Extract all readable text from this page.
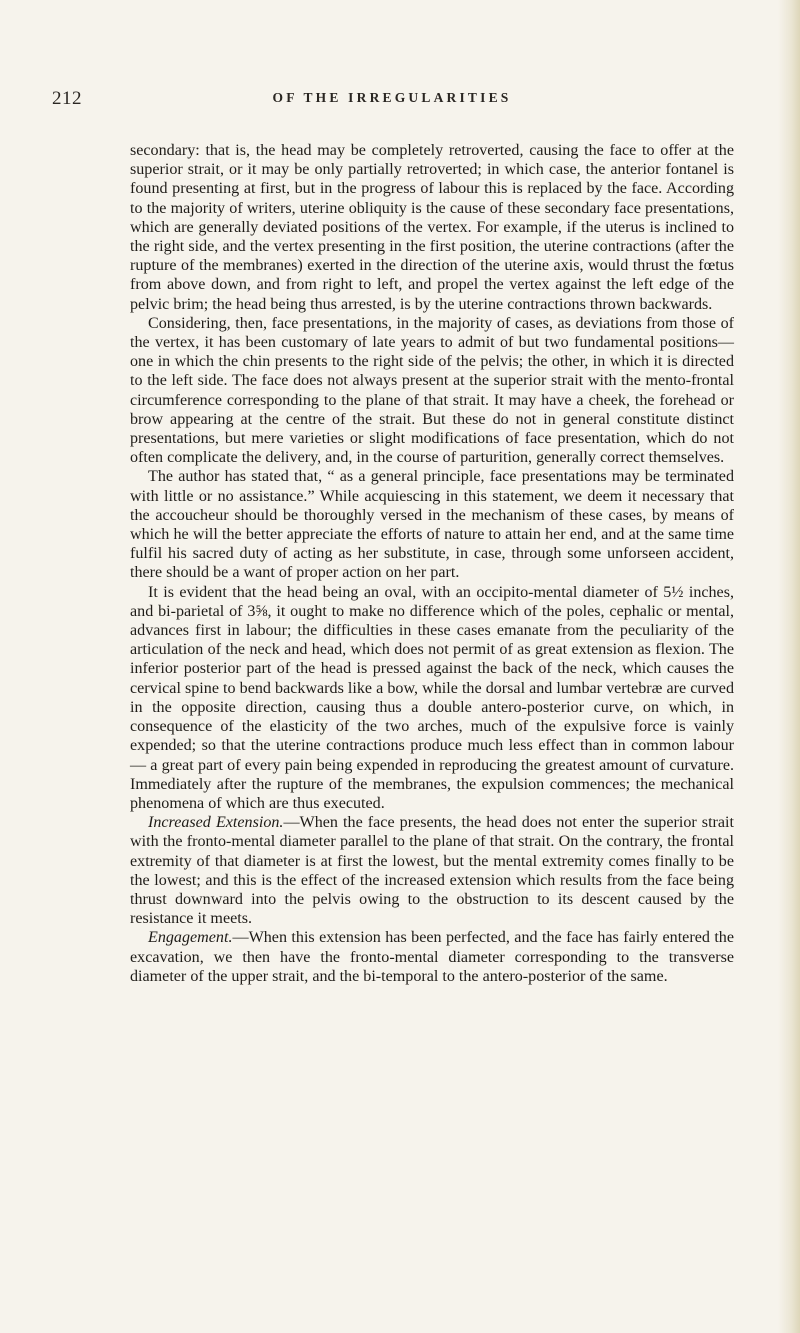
212	OF THE IRREGULARITIES

secondary: that is, the head may be completely retroverted, causing the face to offer at the superior strait, or it may be only partially retroverted; in which case, the anterior fontanel is found presenting at first, but in the progress of labour this is replaced by the face. According to the majority of writers, uterine obliquity is the cause of these secondary face presentations, which are generally deviated positions of the vertex. For example, if the uterus is inclined to the right side, and the vertex presenting in the first position, the uterine contractions (after the rupture of the membranes) exerted in the direction of the uterine axis, would thrust the fœtus from above down, and from right to left, and propel the vertex against the left edge of the pelvic brim; the head being thus arrested, is by the uterine contractions thrown backwards.

Considering, then, face presentations, in the majority of cases, as deviations from those of the vertex, it has been customary of late years to admit of but two fundamental positions—one in which the chin presents to the right side of the pelvis; the other, in which it is directed to the left side. The face does not always present at the superior strait with the mento-frontal circumference corresponding to the plane of that strait. It may have a cheek, the forehead or brow appearing at the centre of the strait. But these do not in general constitute distinct presentations, but mere varieties or slight modifications of face presentation, which do not often complicate the delivery, and, in the course of parturition, generally correct themselves.

The author has stated that, “ as a general principle, face presentations may be terminated with little or no assistance.” While acquiescing in this statement, we deem it necessary that the accoucheur should be thoroughly versed in the mechanism of these cases, by means of which he will the better appreciate the efforts of nature to attain her end, and at the same time fulfil his sacred duty of acting as her substitute, in case, through some unforseen accident, there should be a want of proper action on her part.

It is evident that the head being an oval, with an occipito-mental diameter of 5½ inches, and bi-parietal of 3⅝, it ought to make no difference which of the poles, cephalic or mental, advances first in labour; the difficulties in these cases emanate from the peculiarity of the articulation of the neck and head, which does not permit of as great extension as flexion. The inferior posterior part of the head is pressed against the back of the neck, which causes the cervical spine to bend backwards like a bow, while the dorsal and lumbar vertebræ are curved in the opposite direction, causing thus a double antero-posterior curve, on which, in consequence of the elasticity of the two arches, much of the expulsive force is vainly expended; so that the uterine contractions produce much less effect than in common labour — a great part of every pain being expended in reproducing the greatest amount of curvature. Immediately after the rupture of the membranes, the expulsion commences; the mechanical phenomena of which are thus executed.

Increased Extension.—When the face presents, the head does not enter the superior strait with the fronto-mental diameter parallel to the plane of that strait. On the contrary, the frontal extremity of that diameter is at first the lowest, but the mental extremity comes finally to be the lowest; and this is the effect of the increased extension which results from the face being thrust downward into the pelvis owing to the obstruction to its descent caused by the resistance it meets.

Engagement.—When this extension has been perfected, and the face has fairly entered the excavation, we then have the fronto-mental diameter corresponding to the transverse diameter of the upper strait, and the bi-temporal to the antero-posterior of the same.
